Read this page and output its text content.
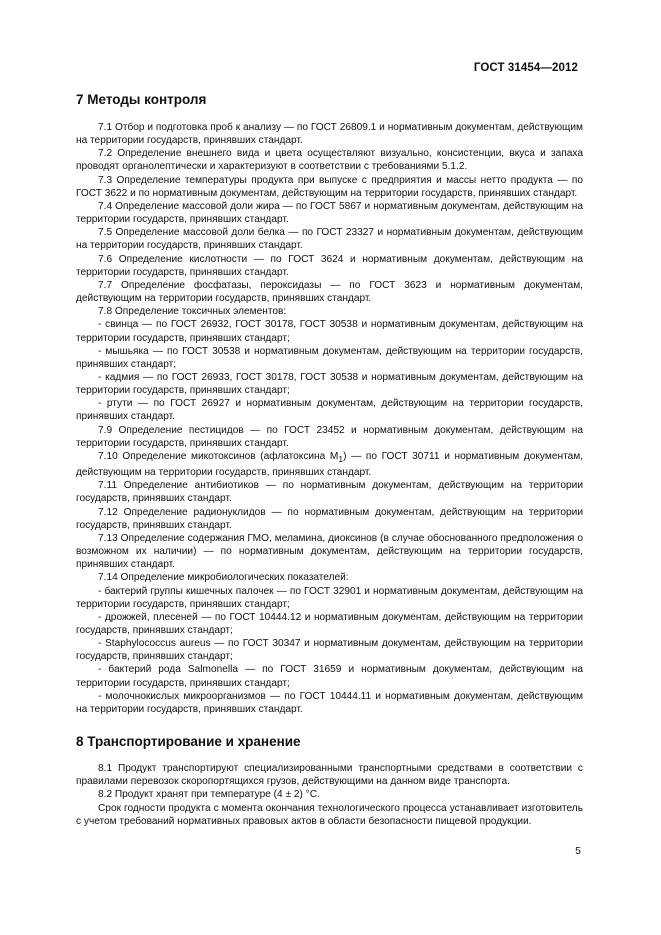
ГОСТ 31454—2012
7 Методы контроля

7.1 Отбор и подготовка проб к анализу — по ГОСТ 26809.1 и нормативным документам, действующим на территории государств, принявших стандарт.

7.2 Определение внешнего вида и цвета осуществляют визуально, консистенции, вкуса и запаха проводят органолептически и характеризуют в соответствии с требованиями 5.1.2.

7.3 Определение температуры продукта при выпуске с предприятия и массы нетто продукта — по ГОСТ 3622 и по нормативным документам, действующим на территории государств, принявших стандарт.

7.4 Определение массовой доли жира — по ГОСТ 5867 и нормативным документам, действующим на территории государств, принявших стандарт.

7.5 Определение массовой доли белка — по ГОСТ 23327 и нормативным документам, действующим на территории государств, принявших стандарт.

7.6 Определение кислотности — по ГОСТ 3624 и нормативным документам, действующим на территории государств, принявших стандарт.

7.7 Определение фосфатазы, пероксидазы — по ГОСТ 3623 и нормативным документам, действующим на территории государств, принявших стандарт.

7.8 Определение токсичных элементов:

- свинца — по ГОСТ 26932, ГОСТ 30178, ГОСТ 30538 и нормативным документам, действующим на территории государств, принявших стандарт;

- мышьяка — по ГОСТ 30538 и нормативным документам, действующим на территории государств, принявших стандарт;

- кадмия — по ГОСТ 26933, ГОСТ 30178, ГОСТ 30538 и нормативным документам, действующим на территории государств, принявших стандарт;

- ртути — по ГОСТ 26927 и нормативным документам, действующим на территории государств, принявших стандарт.

7.9 Определение пестицидов — по ГОСТ 23452 и нормативным документам, действующим на территории государств, принявших стандарт.

7.10 Определение микотоксинов (афлатоксина $M_1$) — по ГОСТ 30711 и нормативным документам, действующим на территории государств, принявших стандарт.

7.11 Определение антибиотиков — по нормативным документам, действующим на территории государств, принявших стандарт.

7.12 Определение радионуклидов — по нормативным документам, действующим на территории государств, принявших стандарт.

7.13 Определение содержания ГМО, меламина, диоксинов (в случае обоснованного предположения о возможном их наличии) — по нормативным документам, действующим на территории государств, принявших стандарт.

7.14 Определение микробиологических показателей:

- бактерий группы кишечных палочек — по ГОСТ 32901 и нормативным документам, действующим на территории государств, принявших стандарт;

- дрожжей, плесеней — по ГОСТ 10444.12 и нормативным документам, действующим на территории государств, принявших стандарт;

- Staphylococcus aureus — по ГОСТ 30347 и нормативным документам, действующим на территории государств, принявших стандарт;

- бактерий рода Salmonella — по ГОСТ 31659 и нормативным документам, действующим на территории государств, принявших стандарт;

- молочнокислых микроорганизмов — по ГОСТ 10444.11 и нормативным документам, действующим на территории государств, принявших стандарт.

8 Транспортирование и хранение

8.1 Продукт транспортируют специализированными транспортными средствами в соответствии с правилами перевозок скоропортящихся грузов, действующими на данном виде транспорта.

8.2 Продукт хранят при температуре (4 ± 2) °С.

Срок годности продукта с момента окончания технологического процесса устанавливает изготовитель с учетом требований нормативных правовых актов в области безопасности пищевой продукции.

5
